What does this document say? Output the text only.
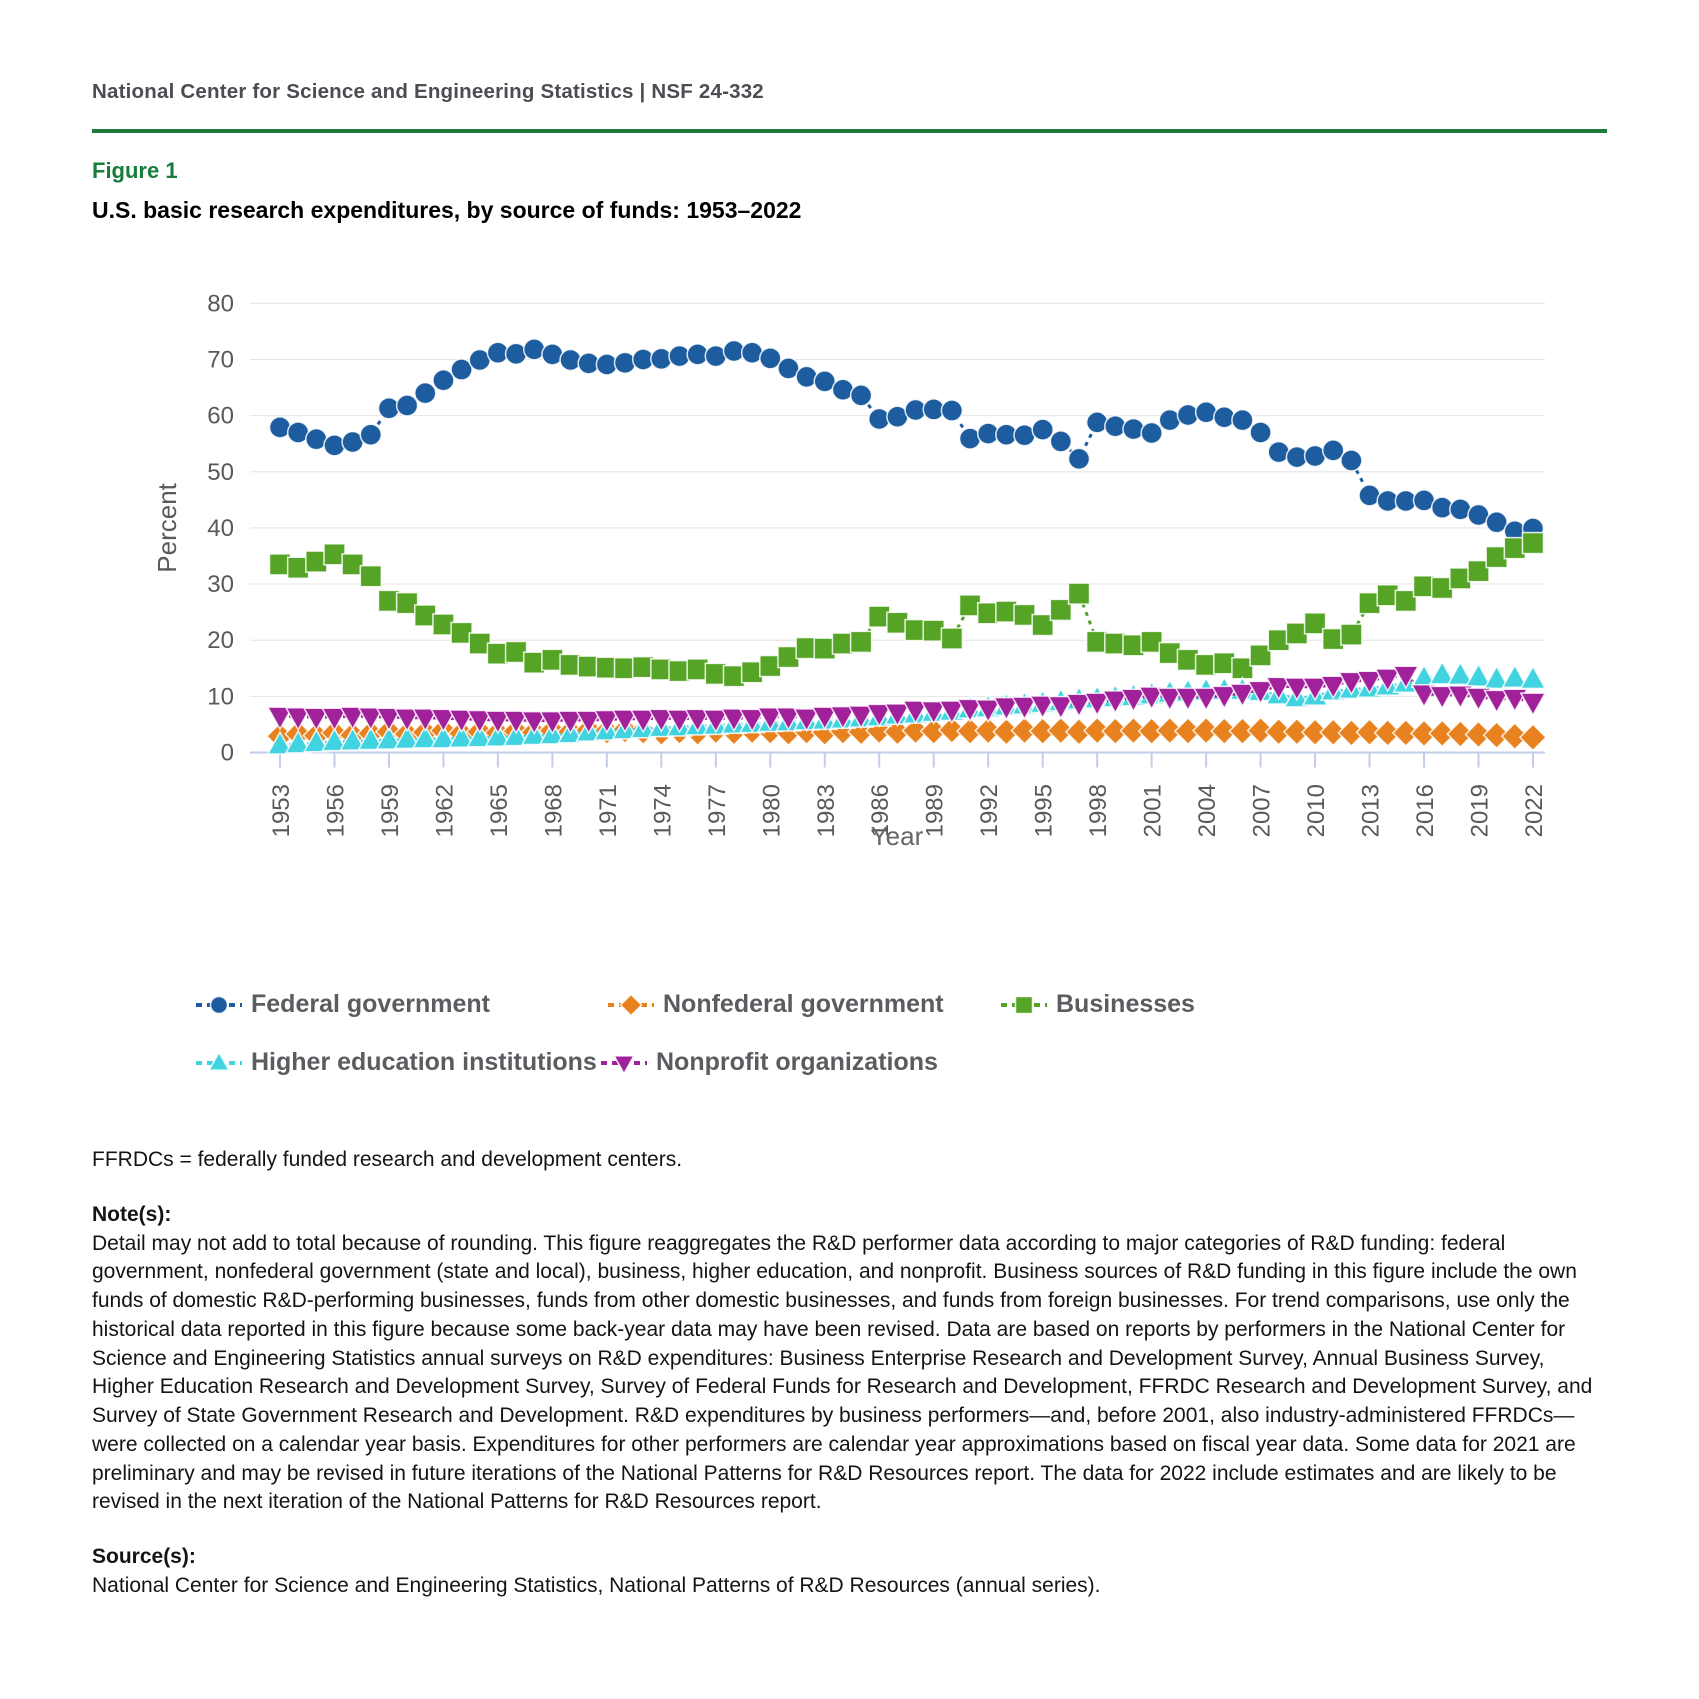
National Center for Science and Engineering Statistics | NSF 24-332
Figure 1
U.S. basic research expenditures, by source of funds: 1953–2022
0
10
20
30
40
50
60
70
80
Percent
1953 1956 1959 1962 1965 1968 1971 1974 1977 1980 1983 1986 1989 1992 1995 1998 2001 2004 2007 2010 2013 2016 2019 2022
Year
Federal government	Nonfederal government	Businesses
Higher education institutions Nonprofit organizations

FFRDCs = federally funded research and development centers.

Note(s):

Detail may not add to total because of rounding. This figure reaggregates the R&D performer data according to major categories of R&D funding: federal government, nonfederal government (state and local), business, higher education, and nonprofit. Business sources of R&D funding in this figure include the own funds of domestic R&D-performing businesses, funds from other domestic businesses, and funds from foreign businesses. For trend comparisons, use only the historical data reported in this figure because some back-year data may have been revised. Data are based on reports by performers in the National Center for Science and Engineering Statistics annual surveys on R&D expenditures: Business Enterprise Research and Development Survey, Annual Business Survey, Higher Education Research and Development Survey, Survey of Federal Funds for Research and Development, FFRDC Research and Development Survey, and Survey of State Government Research and Development. R&D expenditures by business performers—and, before 2001, also industry-administered FFRDCs—were collected on a calendar year basis. Expenditures for other performers are calendar year approximations based on fiscal year data. Some data for 2021 are preliminary and may be revised in future iterations of the National Patterns for R&D Resources report. The data for 2022 include estimates and are likely to be revised in the next iteration of the National Patterns for R&D Resources report.

Source(s):

National Center for Science and Engineering Statistics, National Patterns of R&D Resources (annual series).
